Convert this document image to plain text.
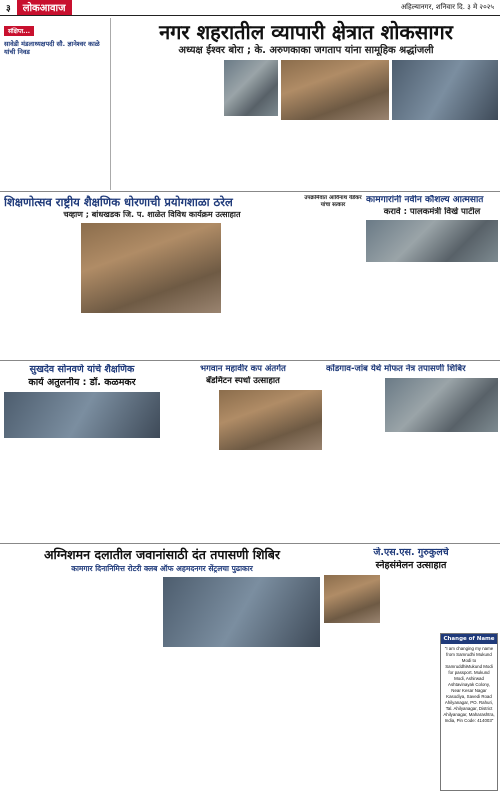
३	लोकआवाज	अहिल्यानगर, शनिवार दि. ३ मे २०२५
संक्षिप्त...
सावेडी मंडलाध्यक्षपदी सौ. ज्ञानेश्वर काळे यांची निवड
नगर शहरातील व्यापारी क्षेत्रात शोकसागर
अध्यक्ष ईश्वर बोरा ; के. अरुणकाका जगताप यांना सामूहिक श्रद्धांजली
शिक्षणोत्सव राष्ट्रीय शैक्षणिक धोरणाची प्रयोगशाळा ठरेल
चव्हाण ; बांधखडक जि. प. शाळेत विविध कार्यक्रम उत्साहात
उपक्रमिवात आविनाथ येडेकर यांचा सत्कार	कामगारांनी नवीन कौशल्य आत्मसात
करावे : पालकमंत्री विखे पाटील
सुखदेव सोनवणे यांचे शैक्षणिक
कार्य अतुलनीय : डॉ. कळमकर
भगवान महावीर कप अंतर्गत
बॅडमिंटन स्पर्धा उत्साहात
कोंडगाव-जांब येथे मोफत नेत्र तपासणी शिबिर
अग्निशमन दलातील जवानांसाठी दंत तपासणी शिबिर
कामगार दिनानिमित्त रोटरी क्लब ऑफ अहमदनगर सेंट्रलचा पुढाकार
जे.एस.एस. गुरुकुलचे
स्नेहसंमेलन उत्साहात
Change of Name
"I am changing my name from Samrudhi Mukund Modi to SamruddhiMukund Modi for passport. Mukund Modi, Ashirwad Ashtavinayak Colony, Near Kesar Nagar Kasodiya, Savedi Road Ahilyanagar, PO. Rahuri, Tal. Ahilyanagar, District Ahilyanagar, Maharashtra, India, Pin Code: 414003"
